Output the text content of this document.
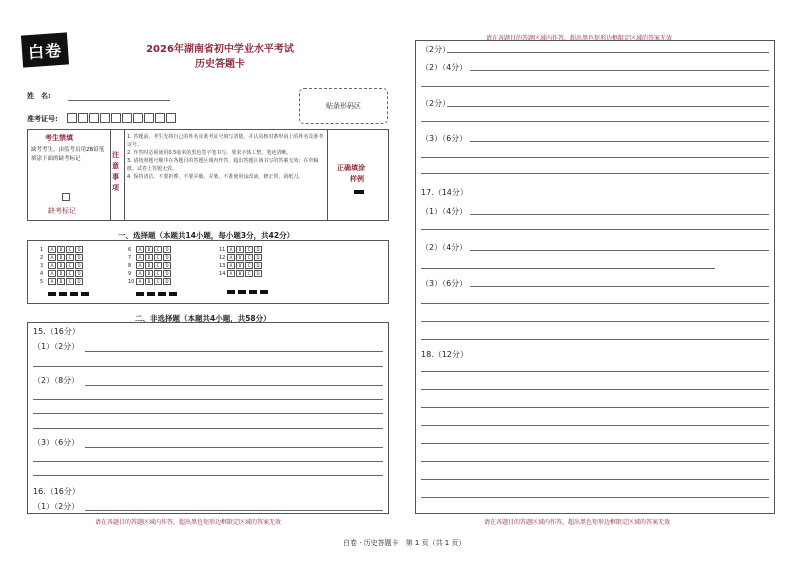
白卷	2026年湖南省初中学业水平考试
历史答题卡
姓　名:
准考证号:
贴条形码区
考生禁填
缺考考生，由监考员用2B铅笔填涂下面的缺考标记
缺考标记
注意事项
1. 答题前，考生先将自己的姓名及准考证号填写清楚，并认真核对条形码上的姓名及准考证号。
2. 作答时必须使用0.5毫米的黑色签字笔书写。要求字体工整、笔迹清晰。
3. 请按照题号顺序在各题目的答题区域内作答，超出答题区域书写的答案无效；在草稿纸、试卷上答题无效。
4. 保持清洁，不要折叠，不要弄破、弄皱，不准使用涂改液、修正带、刮纸刀。
正确填涂
样例
一、选择题（本题共14小题，每小题3分，共42分）
1 A B C D
2 A B C D
3 A B C D
4 A B C D
5 A B C D
6 A B C D
7 A B C D
8 A B C D
9 A B C D
10 A B C D
11 A B C D
12 A B C D
13 A B C D
14 A B C D
二、非选择题（本题共4小题，共58分）
15.（16分）
（1）（2分）
（2）（8分）
（3）（6分）
16.（16分）
（1）（2分）
请在各题目的答题区域内作答，超出黑色矩形边框限定区域的答案无效
请在各题目的答题区域内作答，超出黑色矩形边框限定区域的答案无效
（2分）
（2）（4分）
（2分）
（3）（6分）
17.（14分）
（1）（4分）
（2）（4分）
（3）（6分）
18.（12分）
请在各题目的答题区域内作答，超出黑色矩形边框限定区域的答案无效
白卷 · 历史答题卡　第 1 页（共 1 页）
